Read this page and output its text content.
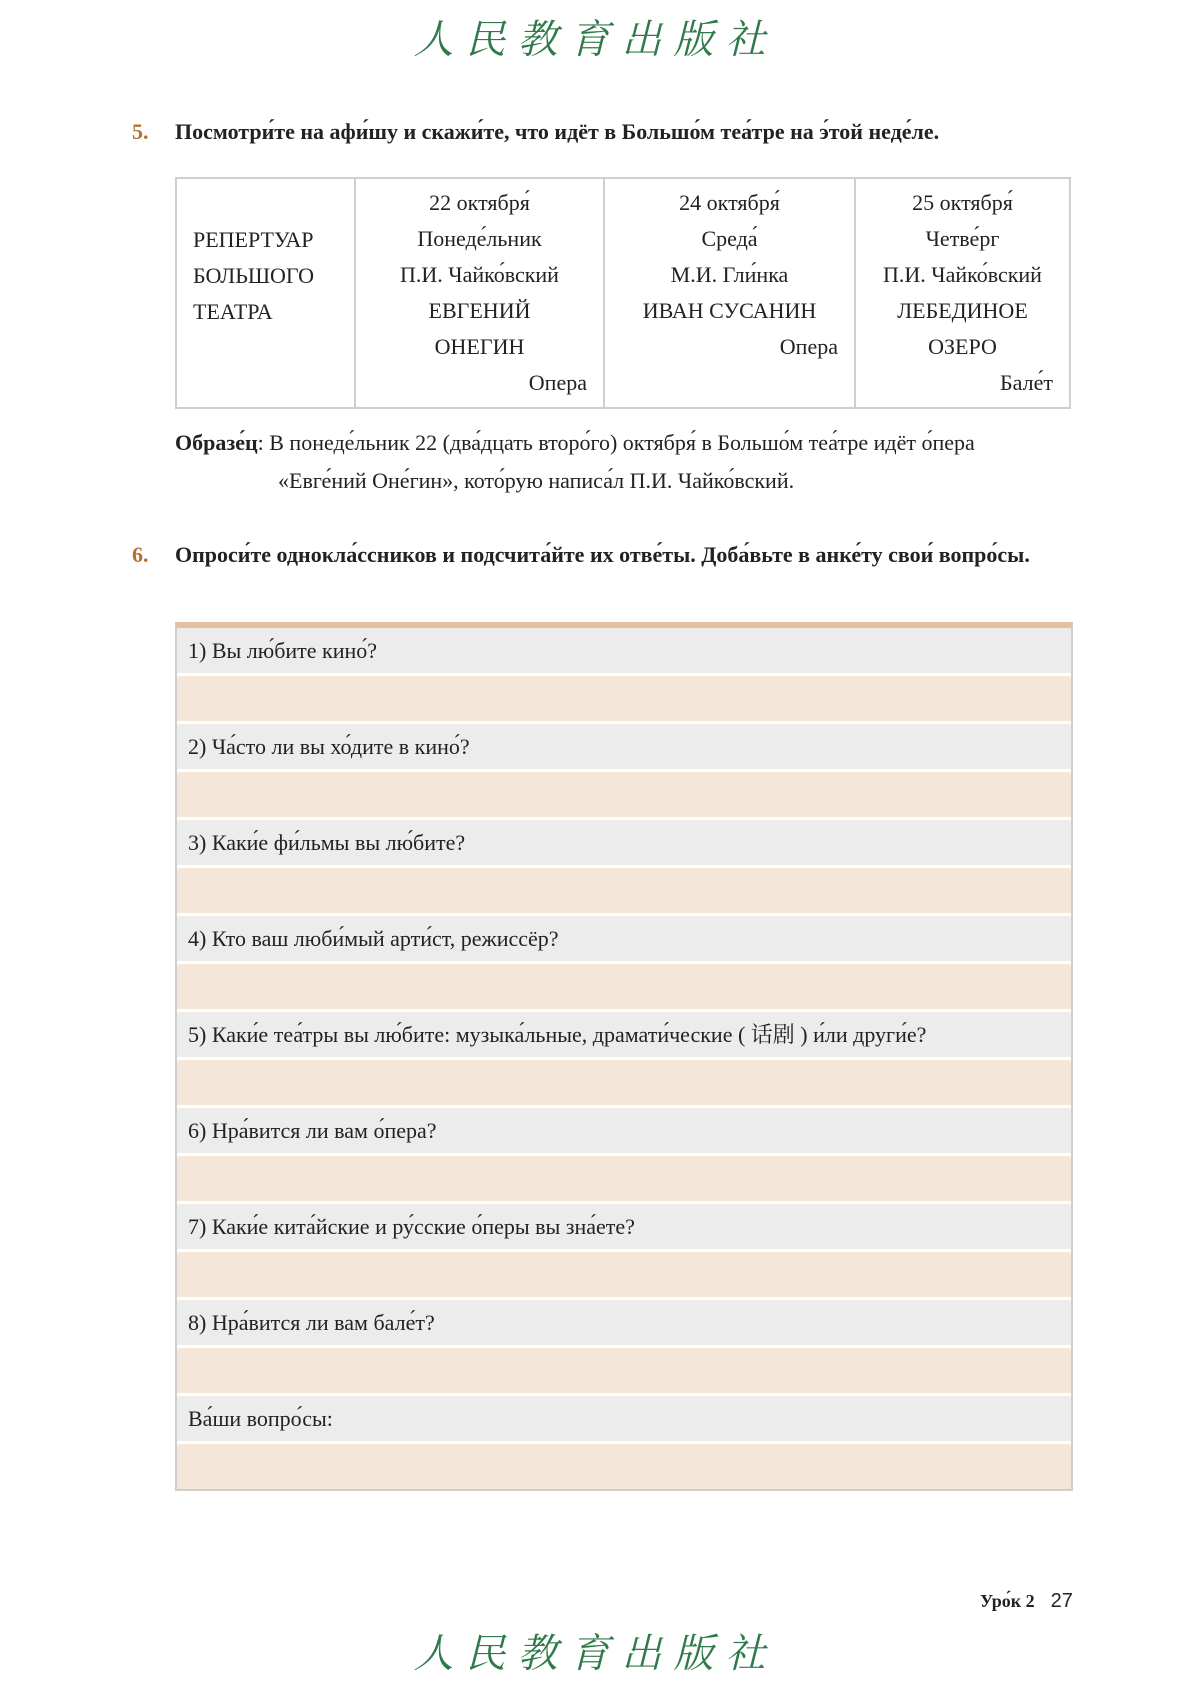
人民教育出版社
5. Посмотри́те на афи́шу и скажи́те, что идёт в Большо́м теа́тре на э́той неде́ле.
РЕПЕРТУАР
БОЛЬШОГО
ТЕАТРА

22 октября́
Понеде́льник
П.И. Чайко́вский
ЕВГЕНИЙ
ОНЕГИН
Опера

24 октября́
Среда́
М.И. Гли́нка
ИВАН СУСАНИН
Опера

25 октября́
Четве́рг
П.И. Чайко́вский
ЛЕБЕДИНОЕ
ОЗЕРО
Бале́т
Образе́ц: В понеде́льник 22 (два́дцать второ́го) октября́ в Большо́м теа́тре идёт о́пера
«Евге́ний Оне́гин», кото́рую написа́л П.И. Чайко́вский.
6. Опроси́те одноκла́ссников и подсчита́йте их отве́ты. Доба́вьте в анке́ту свои́ вопро́сы.
1) Вы лю́бите кино́?
2) Ча́сто ли вы хо́дите в кино́?
3) Каки́е фи́льмы вы лю́бите?
4) Кто ваш люби́мый арти́ст, режиссёр?
5) Каки́е теа́тры вы лю́бите: музыка́льные, драмати́ческие ( 话剧 ) и́ли други́е?
6) Нра́вится ли вам о́пера?
7) Каки́е кита́йские и ру́сские о́перы вы зна́ете?
8) Нра́вится ли вам бале́т?
Ва́ши вопро́сы:
Уро́к 2 27
人民教育出版社
